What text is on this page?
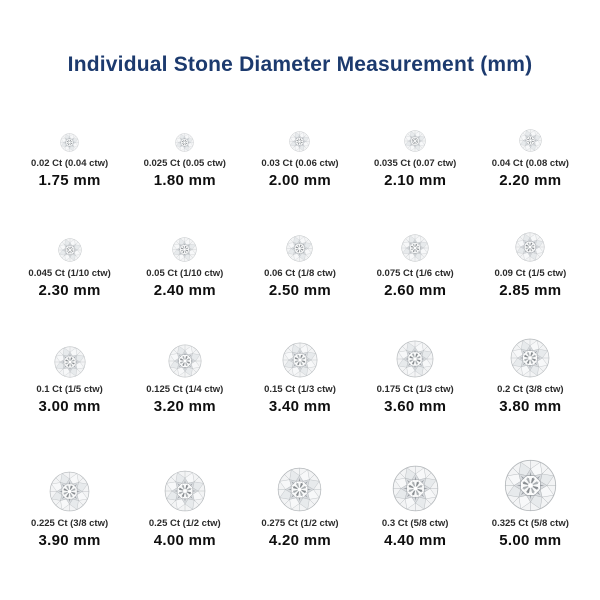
Individual Stone Diameter Measurement (mm)
0.02 Ct (0.04 ctw)
1.75 mm
0.025 Ct (0.05 ctw)
1.80 mm
0.03 Ct (0.06 ctw)
2.00 mm
0.035 Ct (0.07 ctw)
2.10 mm
0.04 Ct (0.08 ctw)
2.20 mm
0.045 Ct (1/10 ctw)
2.30 mm
0.05 Ct (1/10 ctw)
2.40 mm
0.06 Ct (1/8 ctw)
2.50 mm
0.075 Ct (1/6 ctw)
2.60 mm
0.09 Ct (1/5 ctw)
2.85 mm
0.1 Ct (1/5 ctw)
3.00 mm
0.125 Ct (1/4 ctw)
3.20 mm
0.15 Ct (1/3 ctw)
3.40 mm
0.175 Ct (1/3 ctw)
3.60 mm
0.2 Ct (3/8 ctw)
3.80 mm
0.225 Ct (3/8 ctw)
3.90 mm
0.25 Ct (1/2 ctw)
4.00 mm
0.275 Ct (1/2 ctw)
4.20 mm
0.3 Ct (5/8 ctw)
4.40 mm
0.325 Ct (5/8 ctw)
5.00 mm
